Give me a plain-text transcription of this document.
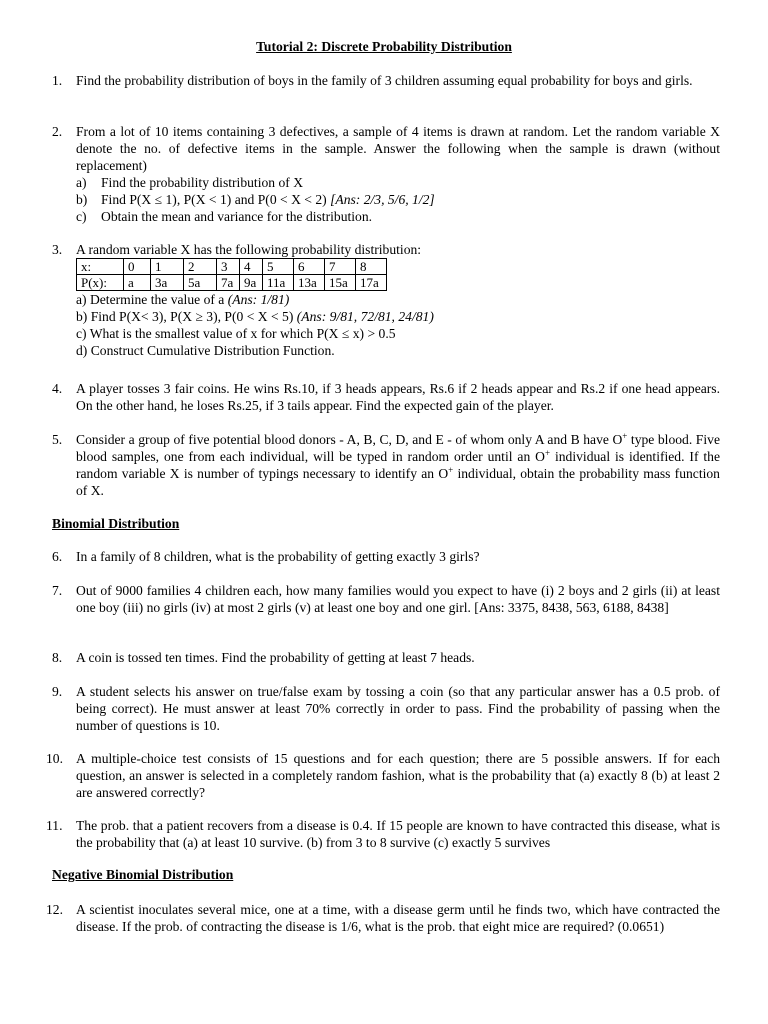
Tutorial 2: Discrete Probability Distribution
1. Find the probability distribution of boys in the family of 3 children assuming equal probability for boys and girls.
2. From a lot of 10 items containing 3 defectives, a sample of 4 items is drawn at random. Let the random variable X denote the no. of defective items in the sample. Answer the following when the sample is drawn (without replacement)
a) Find the probability distribution of X
b) Find P(X ≤ 1), P(X < 1) and P(0 < X < 2) [Ans: 2/3, 5/6, 1/2]
c) Obtain the mean and variance for the distribution.
3. A random variable X has the following probability distribution:
x:	0	1	2	3	4	5	6	7	8
P(x):	a	3a	5a	7a	9a	11a	13a	15a	17a
a) Determine the value of a (Ans: 1/81)
b) Find P(X< 3), P(X ≥ 3), P(0 < X < 5) (Ans: 9/81, 72/81, 24/81)
c) What is the smallest value of x for which P(X ≤ x) > 0.5
d) Construct Cumulative Distribution Function.
4. A player tosses 3 fair coins. He wins Rs.10, if 3 heads appears, Rs.6 if 2 heads appear and Rs.2 if one head appears. On the other hand, he loses Rs.25, if 3 tails appear. Find the expected gain of the player.
5. Consider a group of five potential blood donors - A, B, C, D, and E - of whom only A and B have O+ type blood. Five blood samples, one from each individual, will be typed in random order until an O+ individual is identified. If the random variable X is number of typings necessary to identify an O+ individual, obtain the probability mass function of X.
Binomial Distribution
6. In a family of 8 children, what is the probability of getting exactly 3 girls?
7. Out of 9000 families 4 children each, how many families would you expect to have (i) 2 boys and 2 girls (ii) at least one boy (iii) no girls (iv) at most 2 girls (v) at least one boy and one girl. [Ans: 3375, 8438, 563, 6188, 8438]
8. A coin is tossed ten times. Find the probability of getting at least 7 heads.
9. A student selects his answer on true/false exam by tossing a coin (so that any particular answer has a 0.5 prob. of being correct). He must answer at least 70% correctly in order to pass. Find the probability of passing when the number of questions is 10.
10. A multiple-choice test consists of 15 questions and for each question; there are 5 possible answers. If for each question, an answer is selected in a completely random fashion, what is the probability that (a) exactly 8 (b) at least 2 are answered correctly?
11. The prob. that a patient recovers from a disease is 0.4. If 15 people are known to have contracted this disease, what is the probability that (a) at least 10 survive. (b) from 3 to 8 survive (c) exactly 5 survives
Negative Binomial Distribution
12. A scientist inoculates several mice, one at a time, with a disease germ until he finds two, which have contracted the disease. If the prob. of contracting the disease is 1/6, what is the prob. that eight mice are required? (0.0651)
